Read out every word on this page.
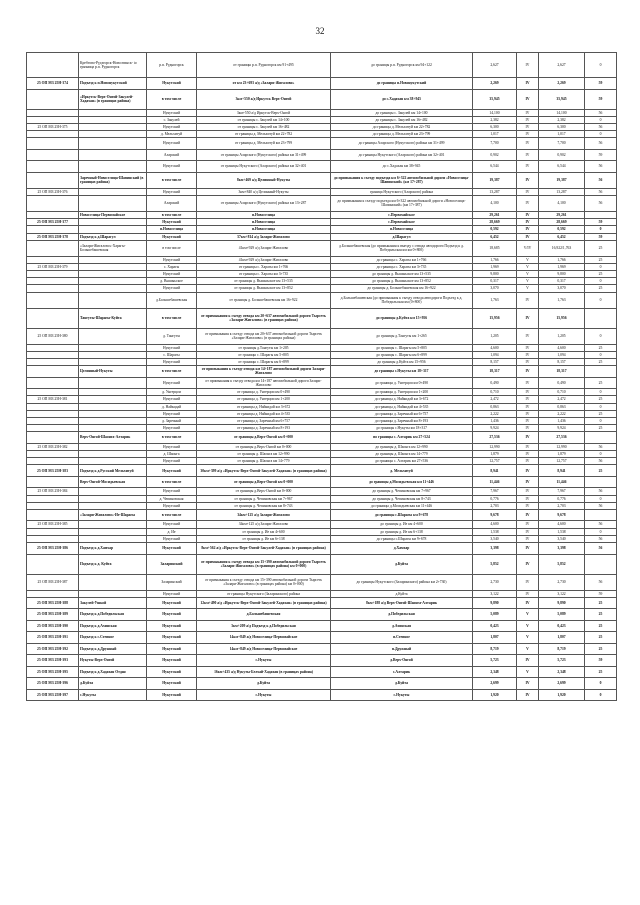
32
	Кребтово-Рудзгорск-Новолтинск- to грязница р.п. Рудногорск	р.п. Рудногорск	от границы р.п. Рудногорск км 91+495	до границы р.п. Рудногорск км 94+122	2,627	IV	2,627	0
25 ОП МЗ 25Н-374	Подъезд к п.Новонукутский	Нукутский	от км 23+693 а/д «Залари-Жигалово»	до границы п.Новонукутский	2,269	IV	2,269	59
	«Иркутск-Верх-Онгой-Закулей-Хадахан» (в границах района)	в том числе	3км+550 а/д Иркутск Верх-Онгой	до с.Хадахан км 38+945	35,945	IV	35,945	59
		Нукутский	3км+550 а/д Иркутск-Верх-Онгой	до границы с. Закулей км 14+100	14,100	IV	14,100	56
		с. Закулей	от границы с. Закулей км 14+100	до границы с. Закулей км 16+482	2,382	IV	2,382	0
25 ОП МЗ 25Н-375		Нукутский	от границы с. Закулей км 16+482	до границы д. Мельхитуй км 22+782	6,300	IV	6,300	56
		д. Мельхитуй	от границы д. Мельхитуй км 22+782	до границы д. Мельхитуй км 23+799	1,017	IV	1,017	0
		Нукутский	от границы д. Мельхитуй км 23+799	до границы Аларского (Нукутского) района км 31+499	7,700	IV	7,700	56
		Аларский	от границы Аларского (Нукутского) района км 31+499	до границы Нукутского (Аларского) района км 32+401	0,902	IV	0,902	59
		Нукутский	от границы Нукутского (Аларского) района км 32+401	до с.Хадахан км 38+945	6,544	IV	6,544	56
	Заречный-Новоселица-Шапинский (в границах района)	в том числе	8км+469 а/д Целинный-Нукуты	до примыкания к съезду подъезда км 6+322 автомобильной дороги «Новоселица-Шапинский» (км 17+287)	19,387	IV	19,387	56
25 ОП МЗ 25Н-376		Нукутский	3км+840 а/д Целинный-Нукуты	граница Нукутского (Аларского) района	13,287	IV	13,287	56
		Аларский	от границы Аларского (Нукутского) района км 13+287	до примыкания к съезду подъезда км 6+322 автомобильной дороги «Новоселица-Шапинский» (км 17+387)	4,100	IV	4,100	56
	Новоселица-Первомайское	в том числе	п.Новоселица	с.Первомайское	29,261	IV	29,261	
25 ОП МЗ 25Н-377		Нукутский	п.Новоселица	с.Первомайское	28,669	IV	28,669	59
		п.Новоселица	п.Новоселица	п.Новоселица	0,592	IV	0,592	0
25 ОП МЗ 25Н-378	Подъезд к д.Шарагул	Нукутский	57км+814 а/д Залари-Жигалово	д.Шарагул	6,452	IV	6,452	59
	«Залари-Жигалово»-Харагы-Большебашевская	в том числе	41км+929 а/д Залари-Жигалово	д.Большебашевская (до примыкания к выезду с отвода автодороги Подъезд к д. Победильская км км 0+800)	18,685	V/IV	16,922/1,763	25
		Нукутский	41км+929 а/д Залари-Жигалово	до границы с. Харагы км 1+766	1,766	V	1,766	25
25 ОП МЗ 25Н-379		с. Харагы	от границы с. Харагы км 1+766	до границы с. Харагы км 3+735	1,969	V	1,969	0
		Нукутский	от границы с. Харагы км 3+735	до границы д. Вышыьское км 13+535	9,800	V	9,800	25
		д. Вышыьское	от границы д. Вышыьское км 13+535	до границы д. Вышыьское км 13+852	0,317	V	0,317	0
		Нукутский	от границы д. Вышыьское км 13+852	до границы д. Большебашевская км 16+922	3,070	V	3,070	25
		д.Большебашевская	от границы д. Большебашевская км 16+922	д.Большебашевская (до примыкания к съезду отвода автодороги Подъезд к д. Победильская км (0+800)	1,763	IV	1,763	0
	Тангуты-Шарагы-Куйта	в том числе	от примыкания к съезду отвода км 20+637 автомобильной дороги Тырсеть «Залари-Жигалово» (в границах района)	до границы д.Куйта км 15+956	15,956	IV	15,956	
25 ОП МЗ 25Н-380		д. Тангуты	от примыкания к съезду отвода км 20+637 автомобильной дороги Тырсеть «Залари-Жигалово» (в границах района)	до границы д.Тангуты км 1+265	1,205	IV	1,205	0
		Нукутский	от границы д.Тангуты км 1+205	до границы с. Шарагы км 5+805	4,600	IV	4,600	25
		с. Шарагы	от границы с. Шарагы км 5+805	до границы с. Шарагы км 6+899	1,094	IV	1,094	0
		Нукутский	от границы с. Шарагы км 6+899	до границы д.Куйта км 15+956	8,157	IV	8,157	25
	Целинный-Нукуты	в том числе	от примыкания к съезду отвода км 14+187 автомобильной дороги Залари-Жигалово	до границы с.Нукуты км 18+317	18,317	IV	18,317	
		Нукутский	от примыкания к съезду отвода км 14+187 автомобильной дороги Залари-Жигалово	до границы д. Унгерцои км 0+490	0,490	IV	0,490	25
		д. Унгерцои	от границы д. Унгерцои км 0+490	до границы д. Унгерцои км 1+200	0,710	IV	0,710	0
25 ОП МЗ 25Н-381		Нукутский	от границы д. Унгерцои км 1+200	до границы д. Найкидай км 3+672	2,472	IV	2,472	25
		д. Найкидай	от границы д. Найкидай км 3+672	до границы д. Найкидай км 4+535	0,863	IV	0,863	0
		Нукутский	от границы д. Найкидай км 4+535	до границы д. Заречный км 6+757	2,222	IV	2,222	25
		д. Заречный	от границы д. Заречный км 6+757	до границы д. Заречный км 8+193	1,436	IV	1,436	0
		Нукутский	от границы д. Заречный км 8+193	до границы с.Нукуты км 18+317	9,924	IV	9,924	25
	Верх-Онгой-Шаонга-Алтарик	в том числе	от границы д.Верх-Онгой км 0+000	по границы с. Алтарик км 27+524	27,536	IV	27,536	
25 ОП МЗ 25Н-382		Нукутский	от границы д.Верх-Онгой км 0+000	до границы д. Шаонга км 12+990	12,990	IV	12,990	56
		д. Шаонга	от границы д. Шаонга км 12+990	до границы д. Шаонга км 14+779	1,879	IV	1,879	0
		Нукутский	от границы д. Шаонга км 14+779	до границы с. Алтарик км 27+536	12,757	IV	12,757	56
25 ОП МЗ 25Н-383	Подъезд к д.Русский Мельхитуй	Нукутский	30км+399 а/д «Иркутск-Верх-Онгой-Закулей-Хадахан» (в границах района)	д. Мельхитуй	8,941	IV	8,941	25
	Верх-Онгой-Мосидьевская	в том числе	от границы д.Верх-Онгой км 0+000	до границы д.Мосидьевская км 11+446	11,446	IV	11,446	
25 ОП МЗ 25Н-384		Нукутский	от границы д.Верх-Онгой км 0+000	до границы д. Чепиновская км 7+967	7,967	IV	7,967	56
		д. Чепиновская	от границы д. Чепиновская км 7+967	до границы д. Чепиновская км 8+743	0,776	IV	0,776	0
		Нукутский	от границы д. Чепиновская км 8+743	до границы д.Мосидьевская км 11+446	2,703	IV	2,703	56
	«Залари-Жигалово»-Ие-Шарагы	в том числе	34км+125 а/д Залари-Жигалово	до границы с.Шарагы км 9+678	9,678	IV	9,678	
25 ОП МЗ 25Н-385		Нукутский	34км+125 а/д Залари-Жигалово	до границы д. Ие км 4+600	4,600	IV	4,600	56
		д. Ие	от границы д. Ие км 4+600	до границы д. Ие км 6+138	1,538	IV	1,538	0
		Нукутский	от границы д. Ие км 6+138	до границы с.Шарагы км 9+678	3,540	IV	3,540	56
25 ОП МЗ 25Н-386	Подъезд к д.Хамхар	Нукутский	8км+562 а/д «Иркутск-Верх-Онгой-Закулей-Хадахан» (в границах района)	д.Хамхар	3,398	IV	3,398	56
	Подъезд к д. Куйта	Заларинский	от примыкания к съезду отвода км 15+390 автомобильной дороги Тырсеть «Залари-Жигалово» (в границах района) км 0+000)	д.Куйта	5,852	IV	5,852	
25 ОП МЗ 25Н-387		Заларинский	от примыкания к съезду отвода км 15+390 автомобильной дороги Тырсеть «Залари-Жигалово» (в границах района) км 0+000)	до границы Нукутского (Заларинского) района км 2+730)	2,730	IV	2,730	56
		Нукутский	от границы Нукутского (Заларинского) района	д.Куйта	3,122	IV	3,122	59
25 ОП МЗ 25Н-388	Закулей-Ушкой	Нукутский	12км+490 а/д «Иркутск-Верх-Онгой-Закулей-Хадахан» (в границах района)	8км+188 а/д Верх-Онгой-Шаонга-Алтарик	9,890	IV	9,890	25
25 ОП МЗ 25Н-389	Подъезд к д.Победильская	Нукутский	д.Большебашевская	д.Победильская	5,089	V	5,089	25
25 ОП МЗ 25Н-390	Подъезд к д.Ахинская	Нукутский	3км+209 а/д Подъезд к д.Победильская	д.Ахинская	0,423	V	0,423	25
25 ОП МЗ 25Н-391	Подъезд к с.Степное	Нукутский	14км+849 а/д Новоселица-Первомайское	п.Степное	1,807	V	1,807	25
25 ОП МЗ 25Н-392	Подъезд к д.Дружный	Нукутский	14км+849 а/д Новоселица-Первомайское	п.Дружный	8,719	V	8,719	25
25 ОП МЗ 25Н-393	Нукуты-Верх-Онгой	Нукутский	с.Нукуты	д.Верх-Онгой	5,723	IV	5,723	59
25 ОП МЗ 25Н-395	Подъезд к д.Хадахан Отдан	Нукутский	16км+435 а/д Нукуты-Белхай-Хадахан (в границах района)	с.Алтарик	2,348	V	2,348	25
25 ОП МЗ 25Н-396	д.Куйта	Нукутский	д.Куйта	д.Куйта	2,699	IV	2,699	0
25 ОП МЗ 25Н-397	с.Нукуты	Нукутский	с.Нукуты	с.Нукуты	1,920	IV	1,920	0
